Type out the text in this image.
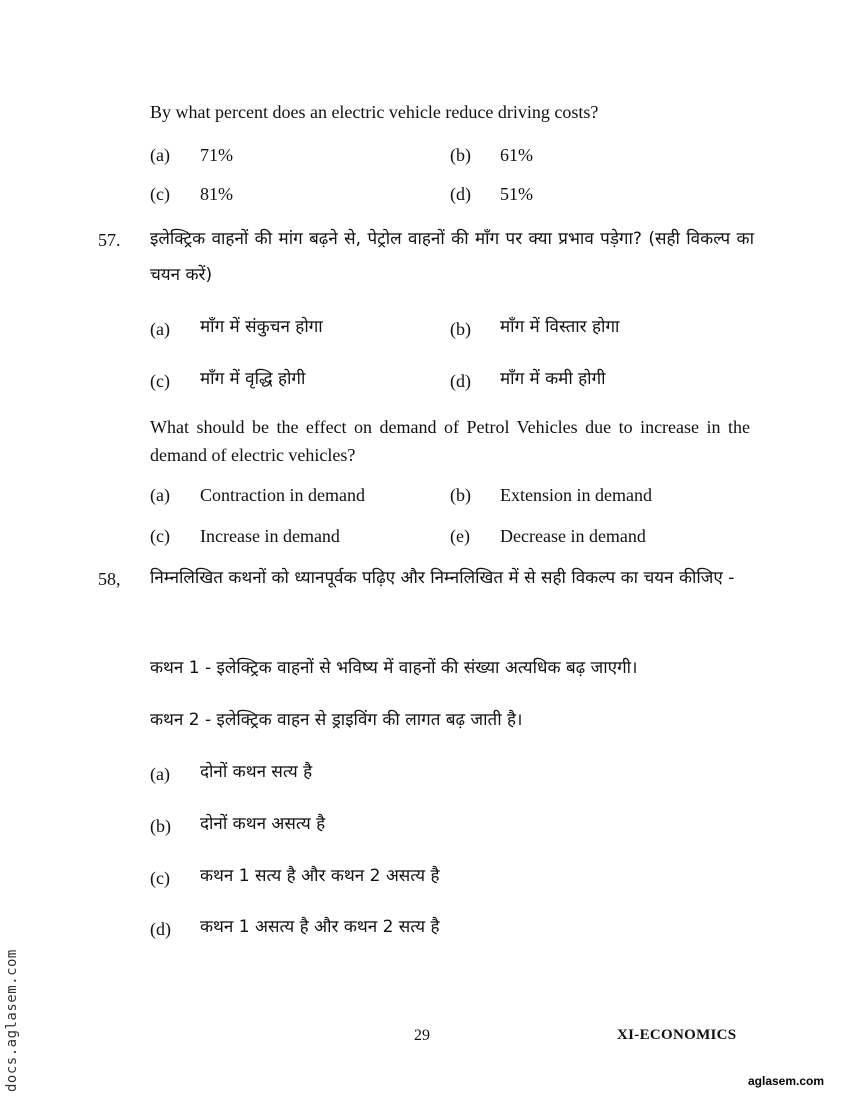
By what percent does an electric vehicle reduce driving costs?
(a) 71%	(b) 61%
(c) 81%	(d) 51%
57. इलेक्ट्रिक वाहनों की मांग बढ़ने से, पेट्रोल वाहनों की माँग पर क्या प्रभाव पड़ेगा? (सही विकल्प का चयन करें)
(a) माँग में संकुचन होगा	(b) माँग में विस्तार होगा
(c) माँग में वृद्धि होगी	(d) माँग में कमी होगी
What should be the effect on demand of Petrol Vehicles due to increase in the demand of electric vehicles?
(a) Contraction in demand	(b) Extension in demand
(c) Increase in demand	(e) Decrease in demand
58, निम्नलिखित कथनों को ध्यानपूर्वक पढ़िए और निम्नलिखित में से सही विकल्प का चयन कीजिए -
कथन 1 - इलेक्ट्रिक वाहनों से भविष्य में वाहनों की संख्या अत्यधिक बढ़ जाएगी।
कथन 2 - इलेक्ट्रिक वाहन से ड्राइविंग की लागत बढ़ जाती है।
(a) दोनों कथन सत्य है
(b) दोनों कथन असत्य है
(c) कथन 1 सत्य है और कथन 2 असत्य है
(d) कथन 1 असत्य है और कथन 2 सत्य है
29	XI-ECONOMICS
docs.aglasem.com	aglasem.com
